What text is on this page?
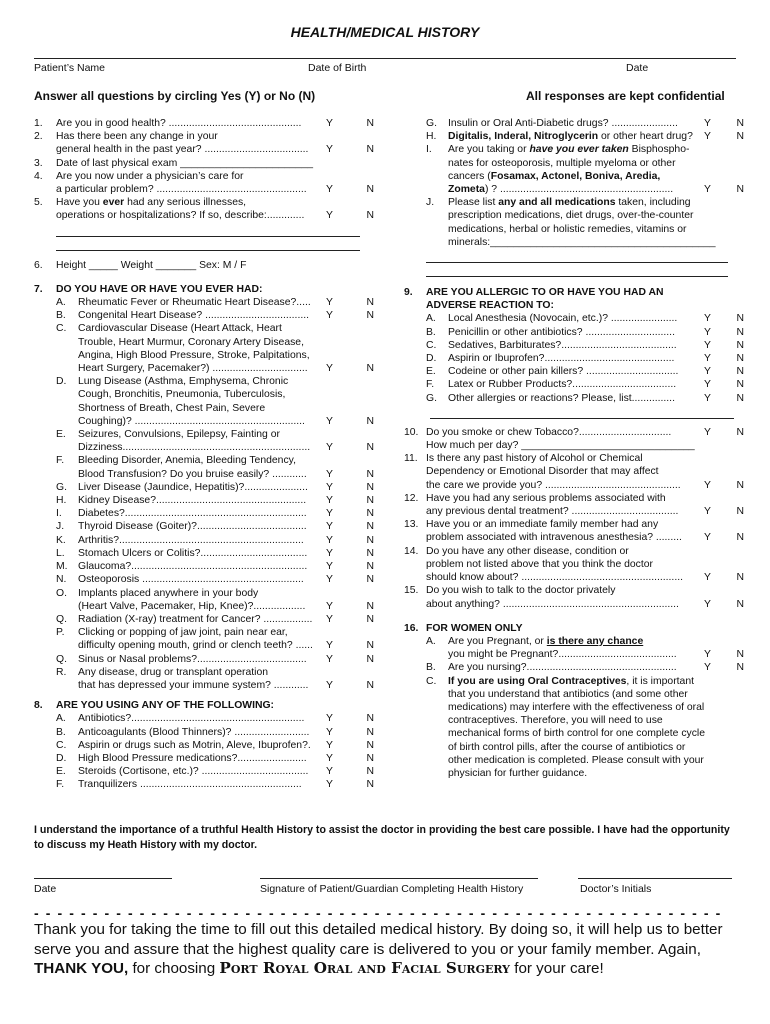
HEALTH/MEDICAL HISTORY
Patient’s Name	Date of Birth	Date
Answer all questions by circling Yes (Y) or No (N)	All responses are kept confidential
1.	Are you in good health? ..............................................	Y	N
2.	Has there been any change in your
general health in the past year? ....................................	Y	N
3.	Date of last physical exam _______________________
4.	Are you now under a physician’s care for
a particular problem? ....................................................	Y	N
5.	Have you ever had any serious illnesses,
operations or hospitalizations? If so, describe:.............	Y	N
6.	Height _____ Weight _______ Sex: M / F
7.	DO YOU HAVE OR HAVE YOU EVER HAD:
A.	Rheumatic Fever or Rheumatic Heart Disease?.....	Y	N
B.	Congenital Heart Disease? ....................................	Y	N
C.	Cardiovascular Disease (Heart Attack, Heart
Trouble, Heart Murmur, Coronary Artery Disease,
Angina, High Blood Pressure, Stroke, Palpitations,
Heart Surgery, Pacemaker?) .................................	Y	N
D.	Lung Disease (Asthma, Emphysema, Chronic
Cough, Bronchitis, Pneumonia, Tuberculosis,
Shortness of Breath, Chest Pain, Severe
Coughing)? ...........................................................	Y	N
E.	Seizures, Convulsions, Epilepsy, Fainting or
Dizziness.................................................................	Y	N
F.	Bleeding Disorder, Anemia, Bleeding Tendency,
Blood Transfusion? Do you bruise easily? ............	Y	N
G.	Liver Disease (Jaundice, Hepatitis)?......................	Y	N
H.	Kidney Disease?....................................................	Y	N
I.	Diabetes?...............................................................	Y	N
J.	Thyroid Disease (Goiter)?......................................	Y	N
K.	Arthritis?................................................................	Y	N
L.	Stomach Ulcers or Colitis?.....................................	Y	N
M.	Glaucoma?.............................................................	Y	N
N.	Osteoporosis ........................................................	Y	N
O.	Implants placed anywhere in your body
(Heart Valve, Pacemaker, Hip, Knee)?..................	Y	N
Q.	Radiation (X-ray) treatment for Cancer? .................	Y	N
P.	Clicking or popping of jaw joint, pain near ear,
difficulty opening mouth, grind or clench teeth? ......	Y	N
Q.	Sinus or Nasal problems?......................................	Y	N
R.	Any disease, drug or transplant operation
that has depressed your immune system? ............	Y	N
8.	ARE YOU USING ANY OF THE FOLLOWING:
A.	Antibiotics?............................................................	Y	N
B.	Anticoagulants (Blood Thinners)? ..........................	Y	N
C.	Aspirin or drugs such as Motrin, Aleve, Ibuprofen?.	Y	N
D.	High Blood Pressure medications?........................	Y	N
E.	Steroids (Cortisone, etc.)? .....................................	Y	N
F.	Tranquilizers ........................................................	Y	N
G.	Insulin or Oral Anti-Diabetic drugs? .......................	Y N
H.	Digitalis, Inderal, Nitroglycerin or other heart drug?	Y N
I.	Are you taking or have you ever taken Bisphospho-
nates for osteoporosis, multiple myeloma or other
cancers (Fosamax, Actonel, Boniva, Aredia,
Zometa) ? ............................................................	Y N
J.	Please list any and all medications taken, including
prescription medications, diet drugs, over-the-counter
medications, herbal or holistic remedies, vitamins or
minerals:_______________________________________
9.	ARE YOU ALLERGIC TO OR HAVE YOU HAD AN
ADVERSE REACTION TO:
A.	Local Anesthesia (Novocain, etc.)? .......................	Y N
B.	Penicillin or other antibiotics? ...............................	Y N
C.	Sedatives, Barbiturates?........................................	Y N
D.	Aspirin or Ibuprofen?.............................................	Y N
E.	Codeine or other pain killers? ................................	Y N
F.	Latex or Rubber Products?....................................	Y N
G.	Other allergies or reactions? Please, list...............	Y N
10. Do you smoke or chew Tobacco?................................	Y N
How much per day? ______________________________
11. Is there any past history of Alcohol or Chemical
Dependency or Emotional Disorder that may affect
the care we provide you? ...............................................	Y N
12. Have you had any serious problems associated with
any previous dental treatment? .....................................	Y N
13. Have you or an immediate family member had any
problem associated with intravenous anesthesia? .........	Y N
14. Do you have any other disease, condition or
problem not listed above that you think the doctor
should know about? ........................................................	Y N
15. Do you wish to talk to the doctor privately
about anything? .............................................................	Y N
16. FOR WOMEN ONLY
A.	Are you Pregnant, or is there any chance
you might be Pregnant?.........................................	Y N
B.	Are you nursing?....................................................	Y N
C.	If you are using Oral Contraceptives, it is important
that you understand that antibiotics (and some other
medications) may interfere with the effectiveness of oral
contraceptives. Therefore, you will need to use
mechanical forms of birth control for one complete cycle
of birth control pills, after the course of antibiotics or
other medication is completed. Please consult with your
physician for further guidance.
I understand the importance of a truthful Health History to assist the doctor in providing the best care possible. I have had the opportunity to discuss my Heath History with my doctor.
Date	Signature of Patient/Guardian Completing Health History	Doctor’s Initials
- - - - - - - - - - - - - - - - - - - - - - - - - - - - - - - - - - - - - - - - - - - - - - - - - - - - - - - - - - -
Thank you for taking the time to fill out this detailed medical history. By doing so, it will help us to better serve you and assure that the highest quality care is delivered to you or your family member. Again, THANK YOU, for choosing Port Royal Oral and Facial Surgery for your care!
